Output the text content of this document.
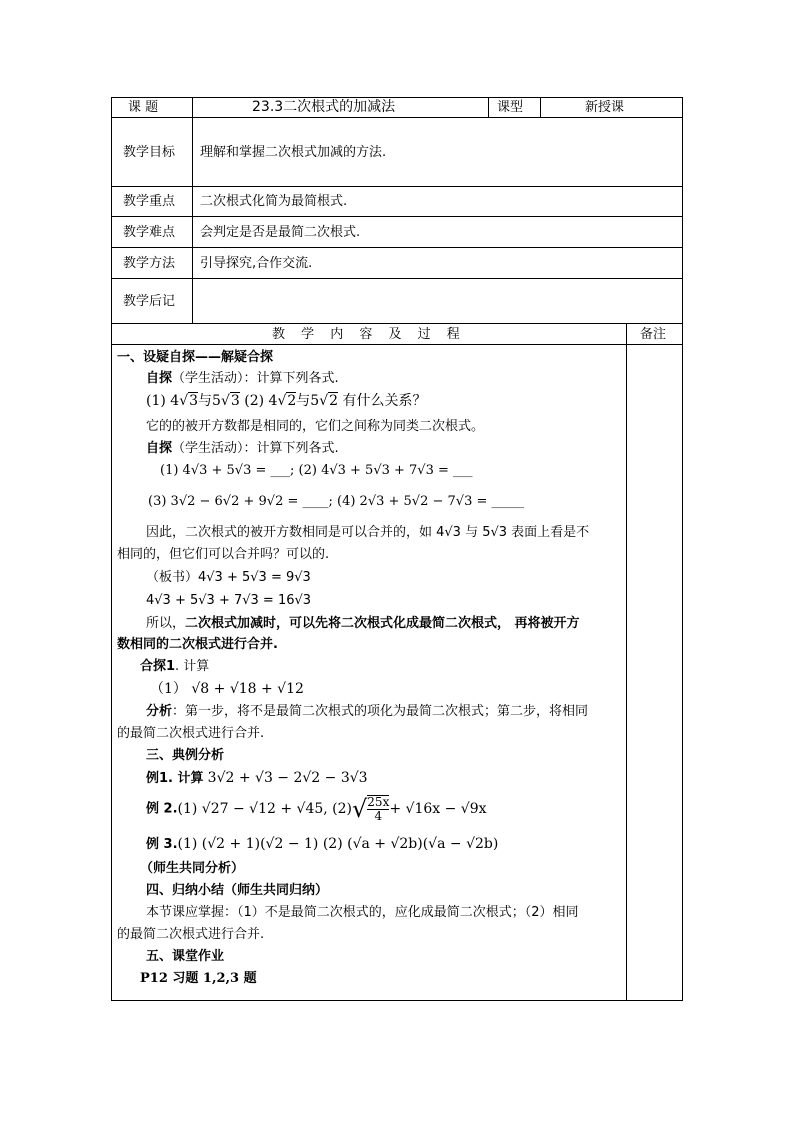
课 题	23.3二次根式的加减法	课型	新授课
教学目标 理解和掌握二次根式加减的方法.
教学重点 二次根式化简为最简根式.
教学难点 会判定是否是最简二次根式.
教学方法 引导探究,合作交流.
教学后记
教 学 内 容 及 过 程	备注
一、设疑自探——解疑合探
自探（学生活动）：计算下列各式.
(1) 4√3与5√3 (2) 4√2与5√2 有什么关系？
它的的被开方数都是相同的，它们之间称为同类二次根式。
自探（学生活动）：计算下列各式.
(1) 4√3 + 5√3 = ___; (2) 4√3 + 5√3 + 7√3 = ___
(3) 3√2 − 6√2 + 9√2 = ____; (4) 2√3 + 5√2 − 7√3 = _____
因此，二次根式的被开方数相同是可以合并的，如 4√3 与 5√3 表面上看是不
相同的，但它们可以合并吗？可以的.
（板书）4√3 + 5√3 = 9√3
4√3 + 5√3 + 7√3 = 16√3
所以，二次根式加减时，可以先将二次根式化成最简二次根式， 再将被开方
数相同的二次根式进行合并.
合探1. 计算
（1） √8 + √18 + √12
分析：第一步，将不是最简二次根式的项化为最简二次根式；第二步，将相同
的最简二次根式进行合并.
三、典例分析
例1. 计算 3√2 + √3 − 2√2 − 3√3
例 2.(1) √27 − √12 + √45, $(2)√ \frac{25x}{4} + √16x - √9x$
例 3.(1) (√2 + 1)(√2 − 1) (2) (√a + √2b)(√a − √2b)
（师生共同分析）
四、归纳小结（师生共同归纳）
本节课应掌握：（1）不是最简二次根式的，应化成最简二次根式；（2）相同
的最简二次根式进行合并.
五、课堂作业
P12 习题 1,2,3 题
